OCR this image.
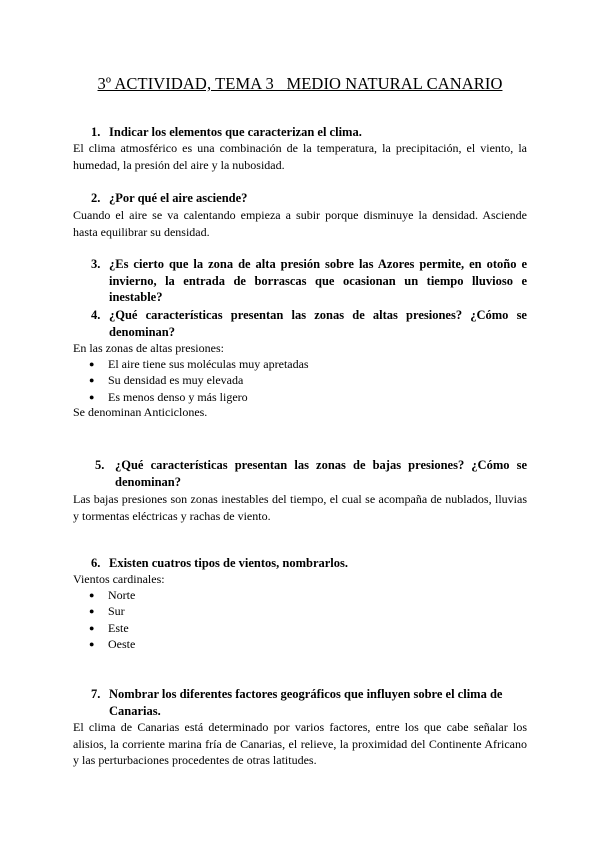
3º ACTIVIDAD, TEMA 3_ MEDIO NATURAL CANARIO
1. Indicar los elementos que caracterizan el clima.
El clima atmosférico es una combinación de la temperatura, la precipitación, el viento, la humedad, la presión del aire y la nubosidad.
2. ¿Por qué el aire asciende?
Cuando el aire se va calentando empieza a subir porque disminuye la densidad. Asciende hasta equilibrar su densidad.
3. ¿Es cierto que la zona de alta presión sobre las Azores permite, en otoño e invierno, la entrada de borrascas que ocasionan un tiempo lluvioso e inestable?
4. ¿Qué características presentan las zonas de altas presiones? ¿Cómo se denominan?
En las zonas de altas presiones:
● El aire tiene sus moléculas muy apretadas
● Su densidad es muy elevada
● Es menos denso y más ligero
Se denominan Anticiclones.
5. ¿Qué características presentan las zonas de bajas presiones? ¿Cómo se denominan?
Las bajas presiones son zonas inestables del tiempo, el cual se acompaña de nublados, lluvias y tormentas eléctricas y rachas de viento.
6. Existen cuatros tipos de vientos, nombrarlos.
Vientos cardinales:
● Norte
● Sur
● Este
● Oeste
7. Nombrar los diferentes factores geográficos que influyen sobre el clima de Canarias.
El clima de Canarias está determinado por varios factores, entre los que cabe señalar los alisios, la corriente marina fría de Canarias, el relieve, la proximidad del Continente Africano y las perturbaciones procedentes de otras latitudes.
